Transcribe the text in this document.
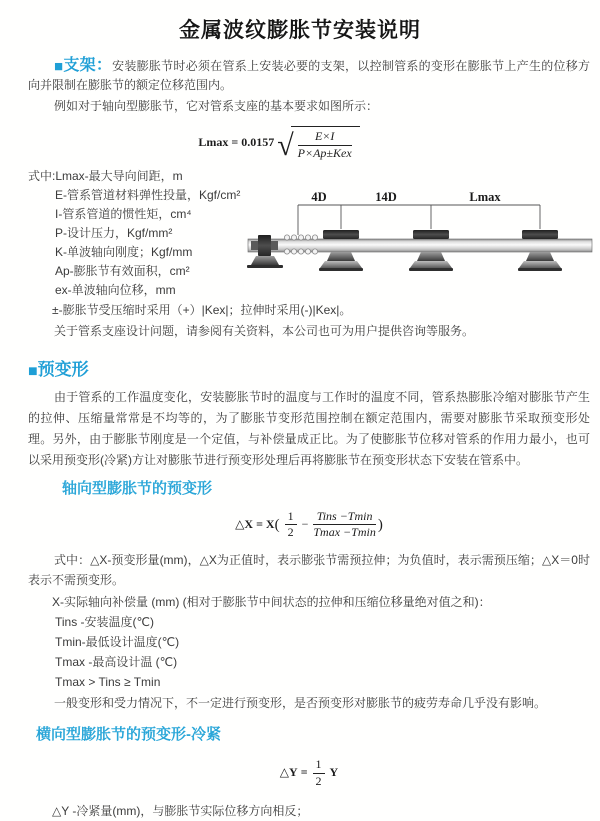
金属波纹膨胀节安装说明

■支架：安装膨胀节时必须在管系上安装必要的支架，以控制管系的变形在膨胀节上产生的位移方向并限制在膨胀节的额定位移范围内。

例如对于轴向型膨胀节，它对管系支座的基本要求如图所示：

Lmax = 0.0157 √ $\frac{E\times I}{\text{P×Ap±Kex}}$
式中:Lmax-最大导向间距，m
E-管系管道材料弹性投量，Kgf/cm²
I-管系管道的惯性矩，cm⁴
P-设计压力，Kgf/mm²
K-单波轴向刚度；Kgf/mm
Ap-膨胀节有效面积，cm²
ex-单波轴向位移，mm
4D	14D	Lmax
±-膨胀节受压缩时采用（+）|Kex|；拉伸时采用(-)|Kex|。

关于管系支座设计问题，请参阅有关资料，本公司也可为用户提供咨询等服务。

■预变形

由于管系的工作温度变化，安装膨胀节时的温度与工作时的温度不同，管系热膨胀冷缩对膨胀节产生的拉伸、压缩量常常是不均等的，为了膨胀节变形范围控制在额定范围内，需要对膨胀节采取预变形处理。另外，由于膨胀节刚度是一个定值，与补偿量成正比。为了使膨胀节位移对管系的作用力最小，也可以采用预变形(冷紧)方让对膨胀节进行预变形处理后再将膨胀节在预变形状态下安装在管系中。

轴向型膨胀节的预变形
△X = $X( \frac{1}{2} - \frac{\text{Tins −Tmin}}{Tmax -Tmin}$ )

式中：△X-预变形量(mm)，△X为正值时，表示膨张节需预拉伸；为负值时，表示需预压缩；△X＝0时表示不需预变形。

X-实际轴向补偿量 (mm) (相对于膨胀节中间状态的拉伸和压缩位移量绝对值之和)：
Tins -安装温度(℃)
Tmin-最低设计温度(℃)
Tmax -最高设计温 (℃)
Tmax > Tins ≥ Tmin

一般变形和受力情况下，不一定进行预变形，是否预变形对膨胀节的疲劳寿命几乎没有影响。

横向型膨胀节的预变形-冷紧
△Y = $\frac{1}{2}$ Y
△Y -冷紧量(mm)，与膨胀节实际位移方向相反；
